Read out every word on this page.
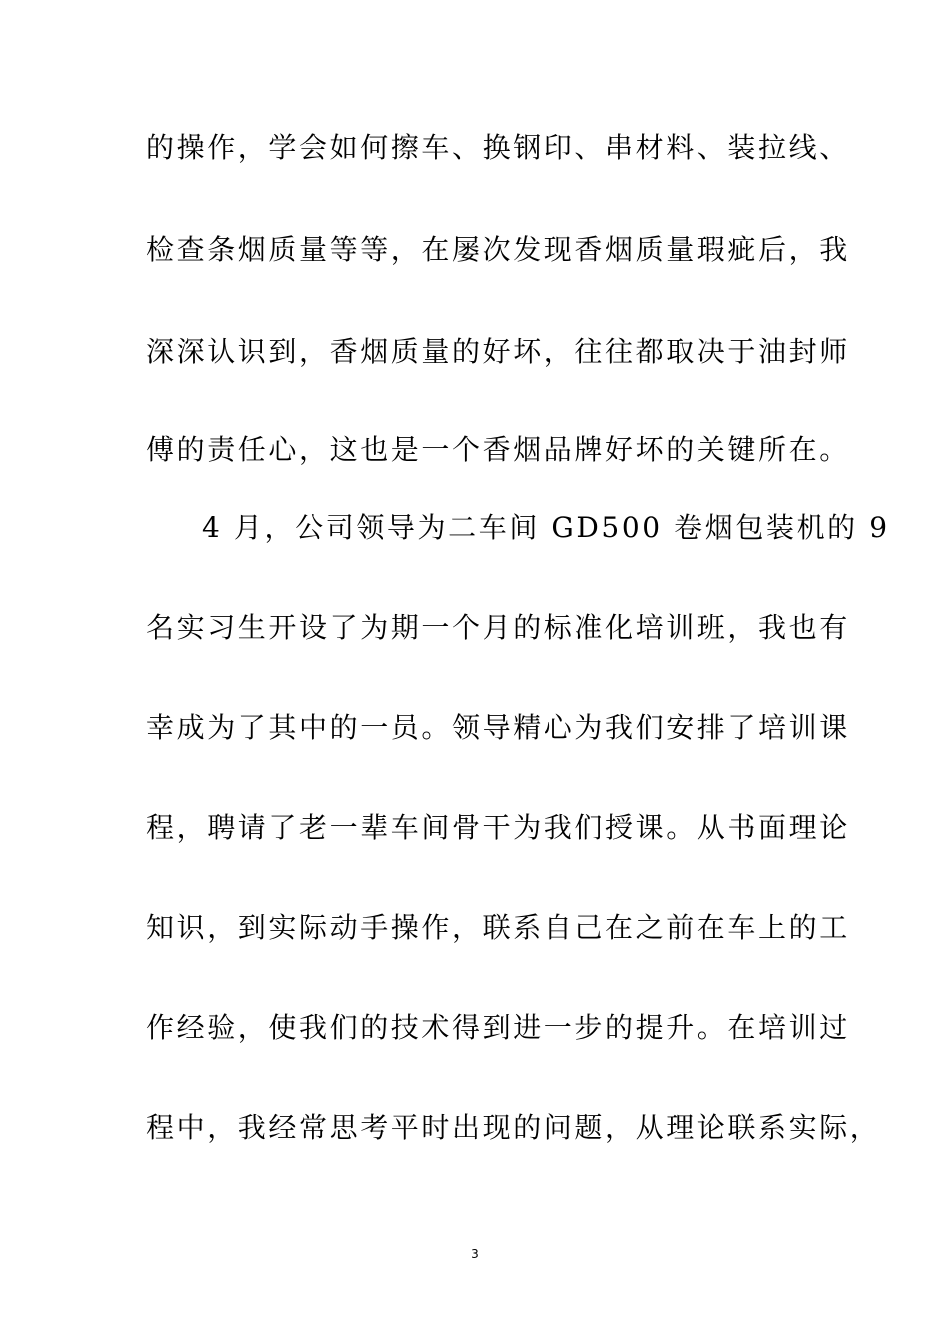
的操作，学会如何擦车、换钢印、串材料、装拉线、
检查条烟质量等等，在屡次发现香烟质量瑕疵后，我
深深认识到，香烟质量的好坏，往往都取决于油封师
傅的责任心，这也是一个香烟品牌好坏的关键所在。
4 月，公司领导为二车间 GD500 卷烟包装机的 9
名实习生开设了为期一个月的标准化培训班，我也有
幸成为了其中的一员。领导精心为我们安排了培训课
程，聘请了老一辈车间骨干为我们授课。从书面理论
知识，到实际动手操作，联系自己在之前在车上的工
作经验，使我们的技术得到进一步的提升。在培训过
程中，我经常思考平时出现的问题，从理论联系实际，
3
